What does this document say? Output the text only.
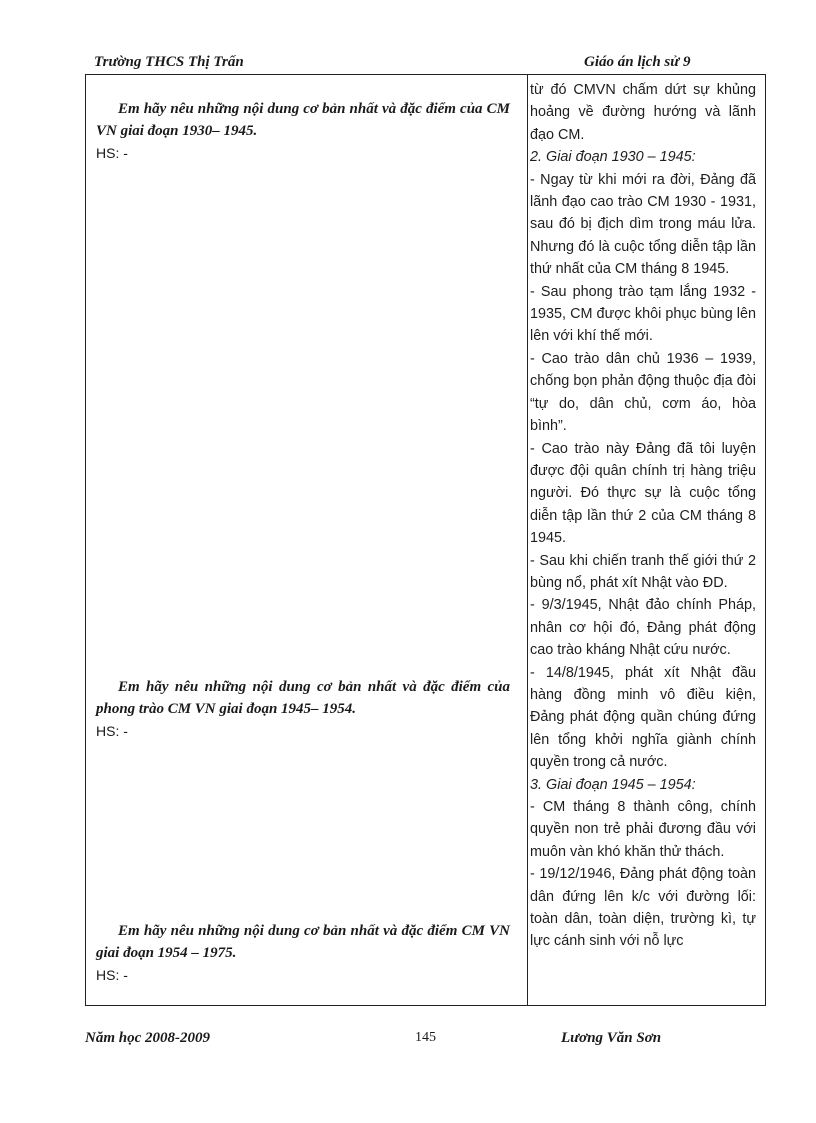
Trường THCS Thị Trấn	Giáo án lịch sử 9
Em hãy nêu những nội dung cơ bản nhất và đặc điểm của CM VN giai đoạn 1930– 1945.
HS: -
Em hãy nêu những nội dung cơ bản nhất và đặc điểm của phong trào CM VN giai đoạn 1945– 1954.
HS: -
Em hãy nêu những nội dung cơ bản nhất và đặc điểm CM VN giai đoạn 1954 – 1975.
HS: -

từ đó CMVN chấm dứt sự khủng hoảng về đường hướng và lãnh đạo CM.

2. Giai đoạn 1930 – 1945:

- Ngay từ khi mới ra đời, Đảng đã lãnh đạo cao trào CM 1930 - 1931, sau đó bị địch dìm trong máu lửa. Nhưng đó là cuộc tổng diễn tập lần thứ nhất của CM tháng 8 1945.

- Sau phong trào tạm lắng 1932 - 1935, CM được khôi phục bùng lên lên với khí thế mới.

- Cao trào dân chủ 1936 – 1939, chống bọn phản động thuộc địa đòi “tự do, dân chủ, cơm áo, hòa bình”.

- Cao trào này Đảng đã tôi luyện được đội quân chính trị hàng triệu người. Đó thực sự là cuộc tổng diễn tập lần thứ 2 của CM tháng 8 1945.

- Sau khi chiến tranh thế giới thứ 2 bùng nổ, phát xít Nhật vào ĐD.

- 9/3/1945, Nhật đảo chính Pháp, nhân cơ hội đó, Đảng phát động cao trào kháng Nhật cứu nước.

- 14/8/1945, phát xít Nhật đầu hàng đồng minh vô điều kiện, Đảng phát động quần chúng đứng lên tổng khởi nghĩa giành chính quyền trong cả nước.

3. Giai đoạn 1945 – 1954:

- CM tháng 8 thành công, chính quyền non trẻ phải đương đầu với muôn vàn khó khăn thử thách.

- 19/12/1946, Đảng phát động toàn dân đứng lên k/c với đường lối: toàn dân, toàn diện, trường kì, tự lực cánh sinh với nỗ lực

Năm học 2008-2009	145	Lương Văn Sơn
